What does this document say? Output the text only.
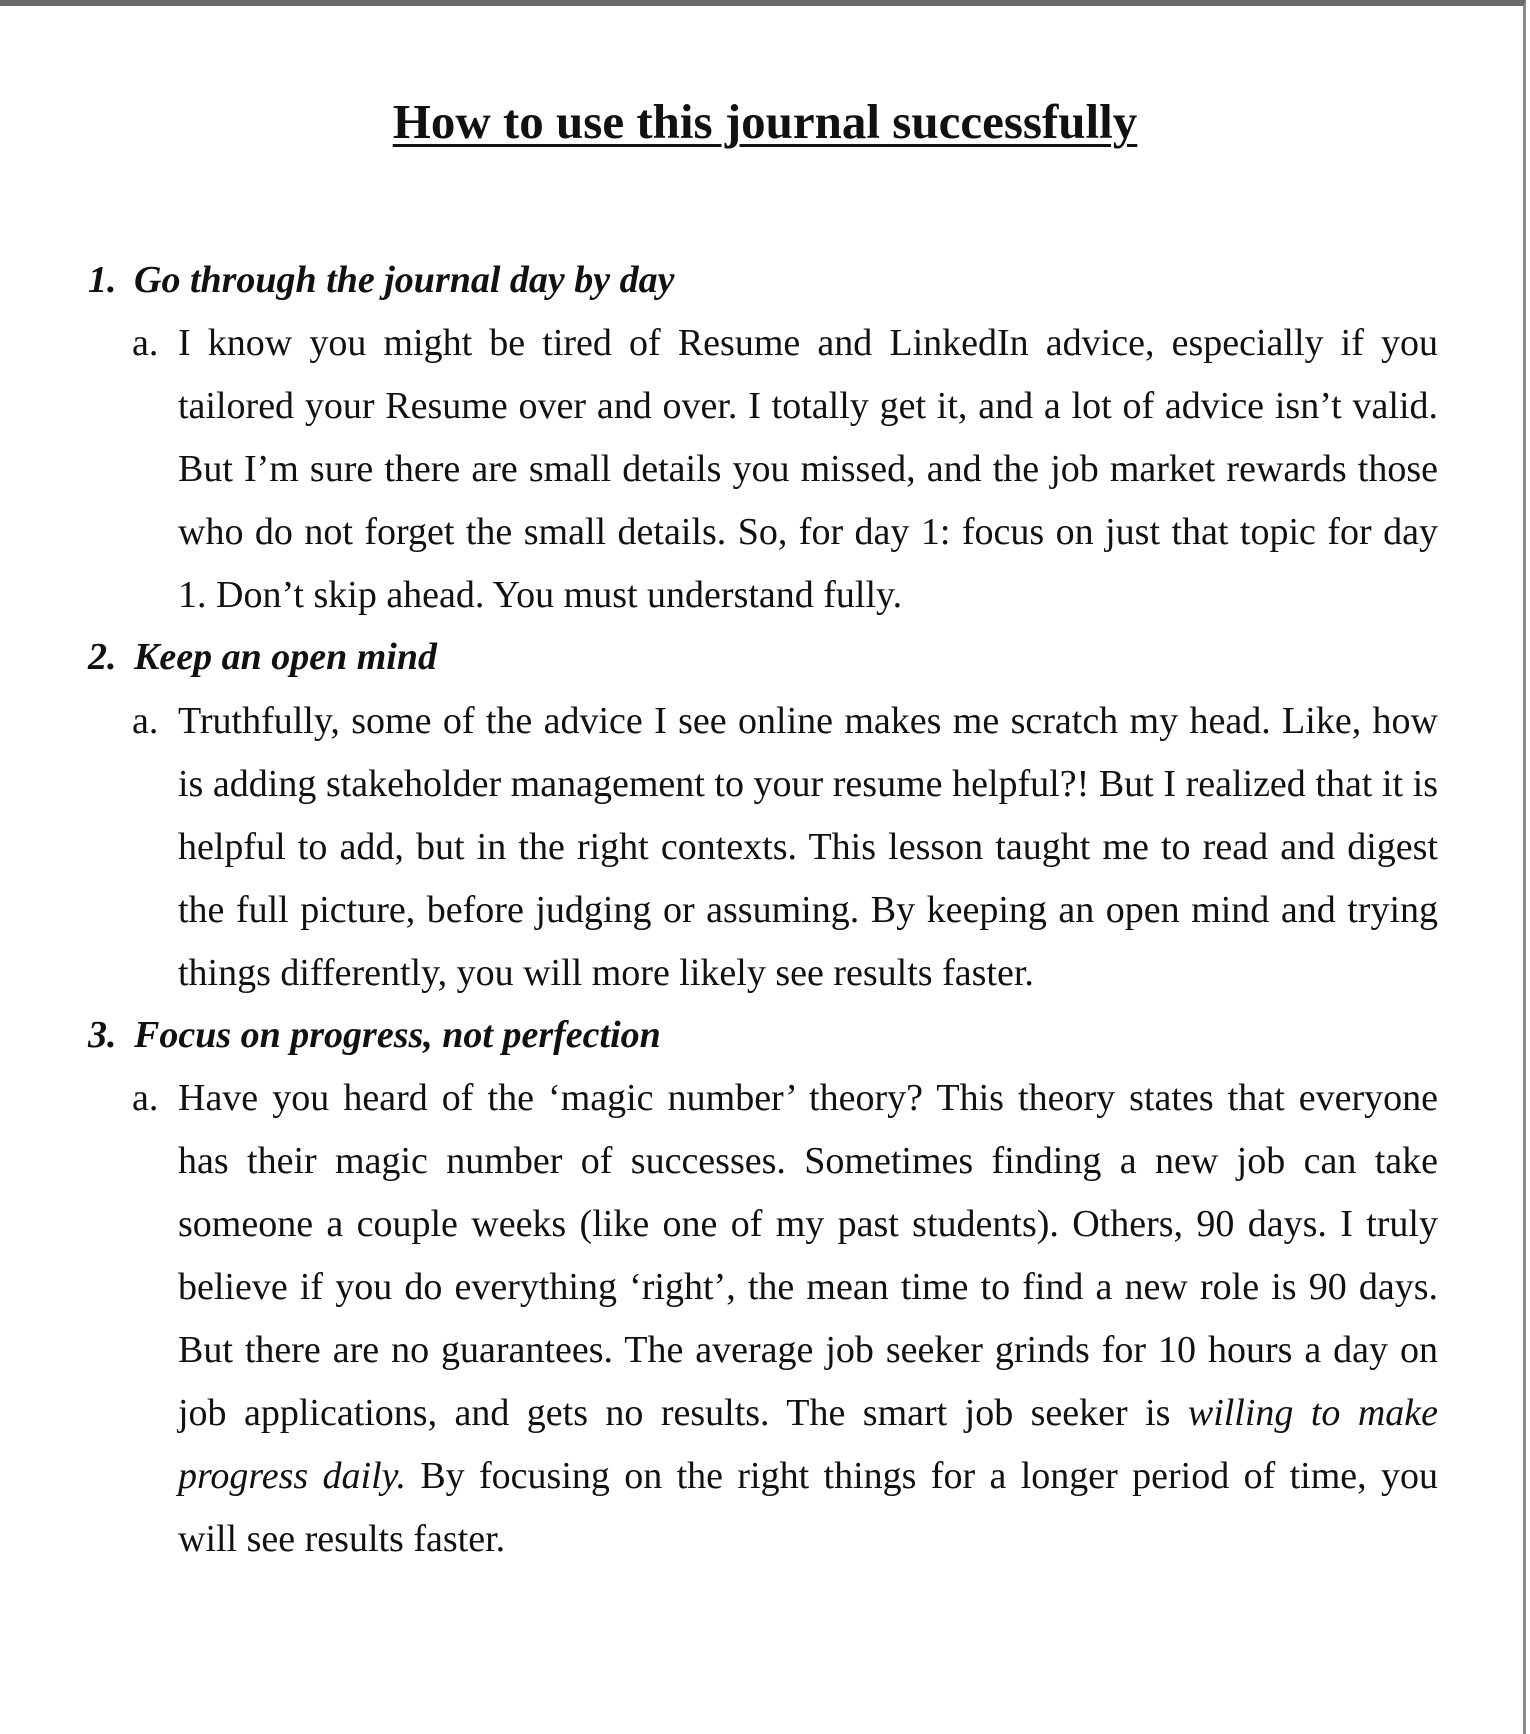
How to use this journal successfully
1. Go through the journal day by day
a. I know you might be tired of Resume and LinkedIn advice, especially if you tailored your Resume over and over. I totally get it, and a lot of advice isn’t valid. But I’m sure there are small details you missed, and the job market rewards those who do not forget the small details. So, for day 1: focus on just that topic for day 1. Don’t skip ahead. You must understand fully.

2. Keep an open mind
a. Truthfully, some of the advice I see online makes me scratch my head. Like, how is adding stakeholder management to your resume helpful?! But I realized that it is helpful to add, but in the right contexts. This lesson taught me to read and digest the full picture, before judging or assuming. By keeping an open mind and trying things differently, you will more likely see results faster.

3. Focus on progress, not perfection
a. Have you heard of the ‘magic number’ theory? This theory states that everyone has their magic number of successes. Sometimes finding a new job can take someone a couple weeks (like one of my past students). Others, 90 days. I truly believe if you do everything ‘right’, the mean time to find a new role is 90 days. But there are no guarantees. The average job seeker grinds for 10 hours a day on job applications, and gets no results. The smart job seeker is willing to make progress daily. By focusing on the right things for a longer period of time, you will see results faster.
